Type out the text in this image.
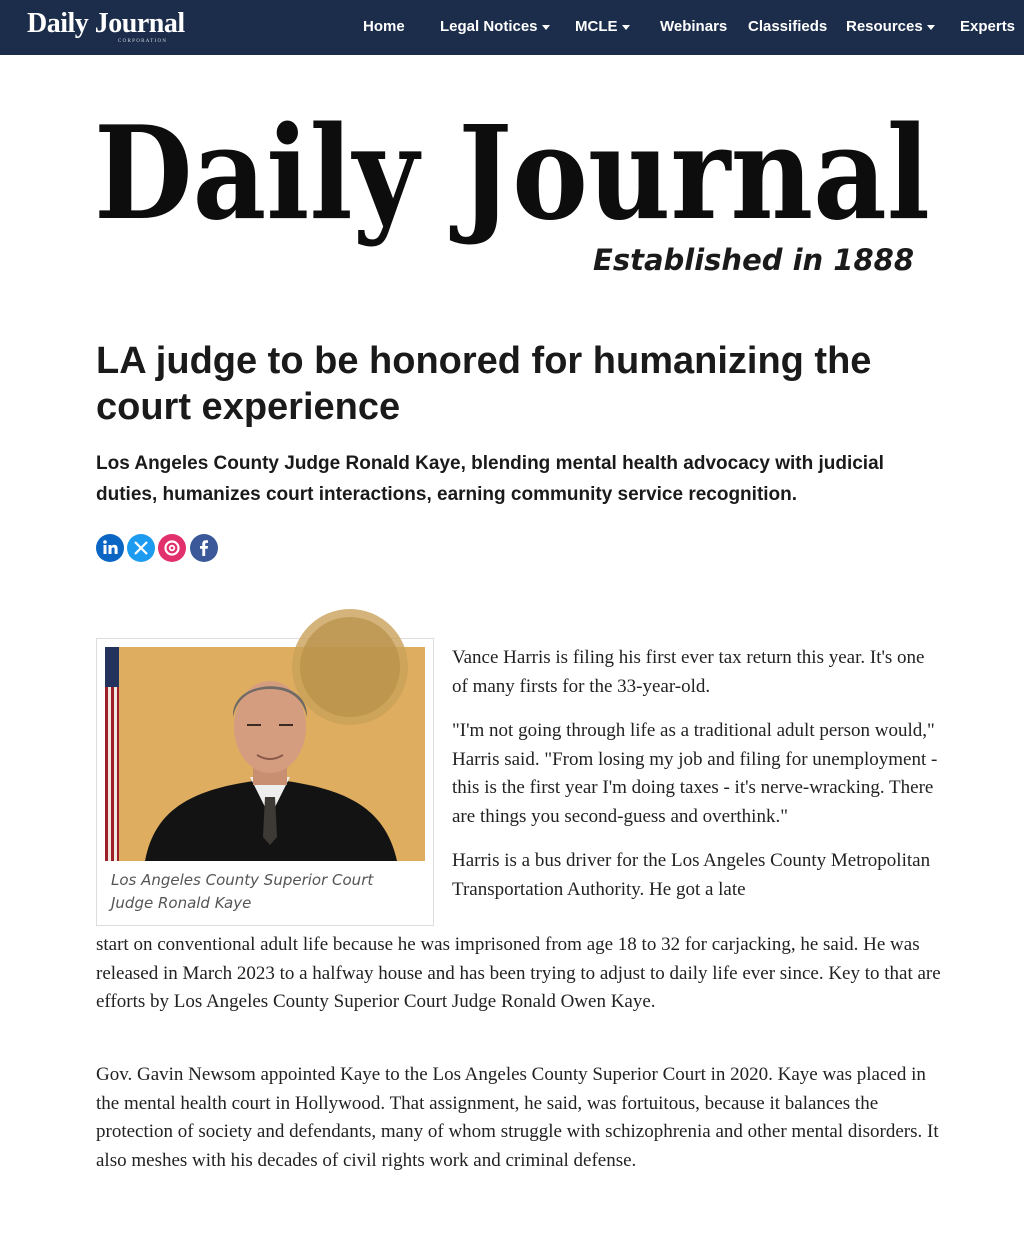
Daily Journal
CORPORATION
Home Legal Notices	MCLE	Webinars Classifieds Resources	Experts
Daily Journal
Established in 1888
LA judge to be honored for humanizing the court experience

Los Angeles County Judge Ronald Kaye, blending mental health advocacy with judicial duties, humanizes court interactions, earning community service recognition.

Los Angeles County Superior Court Judge Ronald Kaye

Vance Harris is filing his first ever tax return this year. It's one of many firsts for the 33-year-old.

"I'm not going through life as a traditional adult person would," Harris said. "From losing my job and filing for unemployment - this is the first year I'm doing taxes - it's nerve-wracking. There are things you second-guess and overthink."

Harris is a bus driver for the Los Angeles County Metropolitan Transportation Authority. He got a late

start on conventional adult life because he was imprisoned from age 18 to 32 for carjacking, he said. He was released in March 2023 to a halfway house and has been trying to adjust to daily life ever since. Key to that are efforts by Los Angeles County Superior Court Judge Ronald Owen Kaye.
Gov. Gavin Newsom appointed Kaye to the Los Angeles County Superior Court in 2020. Kaye was placed in the mental health court in Hollywood. That assignment, he said, was fortuitous, because it balances the protection of society and defendants, many of whom struggle with schizophrenia and other mental disorders. It also meshes with his decades of civil rights work and criminal defense.
